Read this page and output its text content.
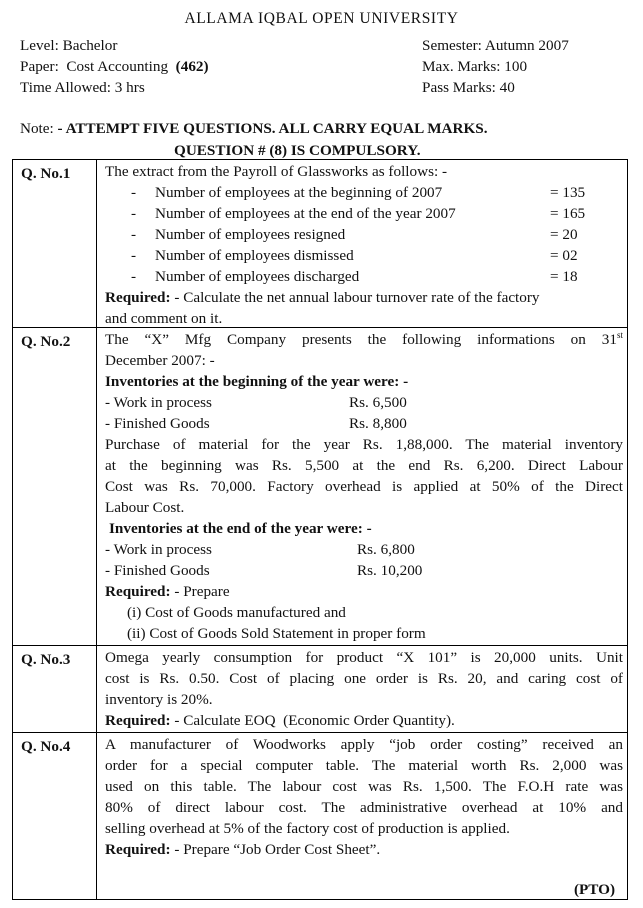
ALLAMA IQBAL OPEN UNIVERSITY
Level: Bachelor
Paper:  Cost Accounting  (462)
Time Allowed: 3 hrs
Semester: Autumn 2007
Max. Marks: 100
Pass Marks: 40
Note: - ATTEMPT FIVE QUESTIONS. ALL CARRY EQUAL MARKS.
QUESTION # (8) IS COMPULSORY.
Q. No.1	The extract from the Payroll of Glassworks as follows: -
- Number of employees at the beginning of 2007	= 135
- Number of employees at the end of the year 2007	= 165
- Number of employees resigned	= 20
- Number of employees dismissed	= 02
- Number of employees discharged	= 18
Required: - Calculate the net annual labour turnover rate of the factory
and comment on it.
Q. No.2	The “X” Mfg Company presents the following informations on 31st
December 2007: -
Inventories at the beginning of the year were: -
- Work in process	Rs. 6,500
- Finished Goods	Rs. 8,800
Purchase of material for the year Rs. 1,88,000. The material inventory
at the beginning was Rs. 5,500 at the end Rs. 6,200. Direct Labour
Cost was Rs. 70,000. Factory overhead is applied at 50% of the Direct
Labour Cost.
Inventories at the end of the year were: -
- Work in process	Rs. 6,800
- Finished Goods	Rs. 10,200
Required: - Prepare
(i) Cost of Goods manufactured and
(ii) Cost of Goods Sold Statement in proper form
Q. No.3	Omega yearly consumption for product “X 101” is 20,000 units. Unit
cost is Rs. 0.50. Cost of placing one order is Rs. 20, and caring cost of
inventory is 20%.
Required: - Calculate EOQ  (Economic Order Quantity).
Q. No.4	A manufacturer of Woodworks apply “job order costing” received an
order for a special computer table. The material worth Rs. 2,000 was
used on this table. The labour cost was Rs. 1,500. The F.O.H rate was
80% of direct labour cost. The administrative overhead at 10% and
selling overhead at 5% of the factory cost of production is applied.
Required: - Prepare “Job Order Cost Sheet”.
(PTO)
